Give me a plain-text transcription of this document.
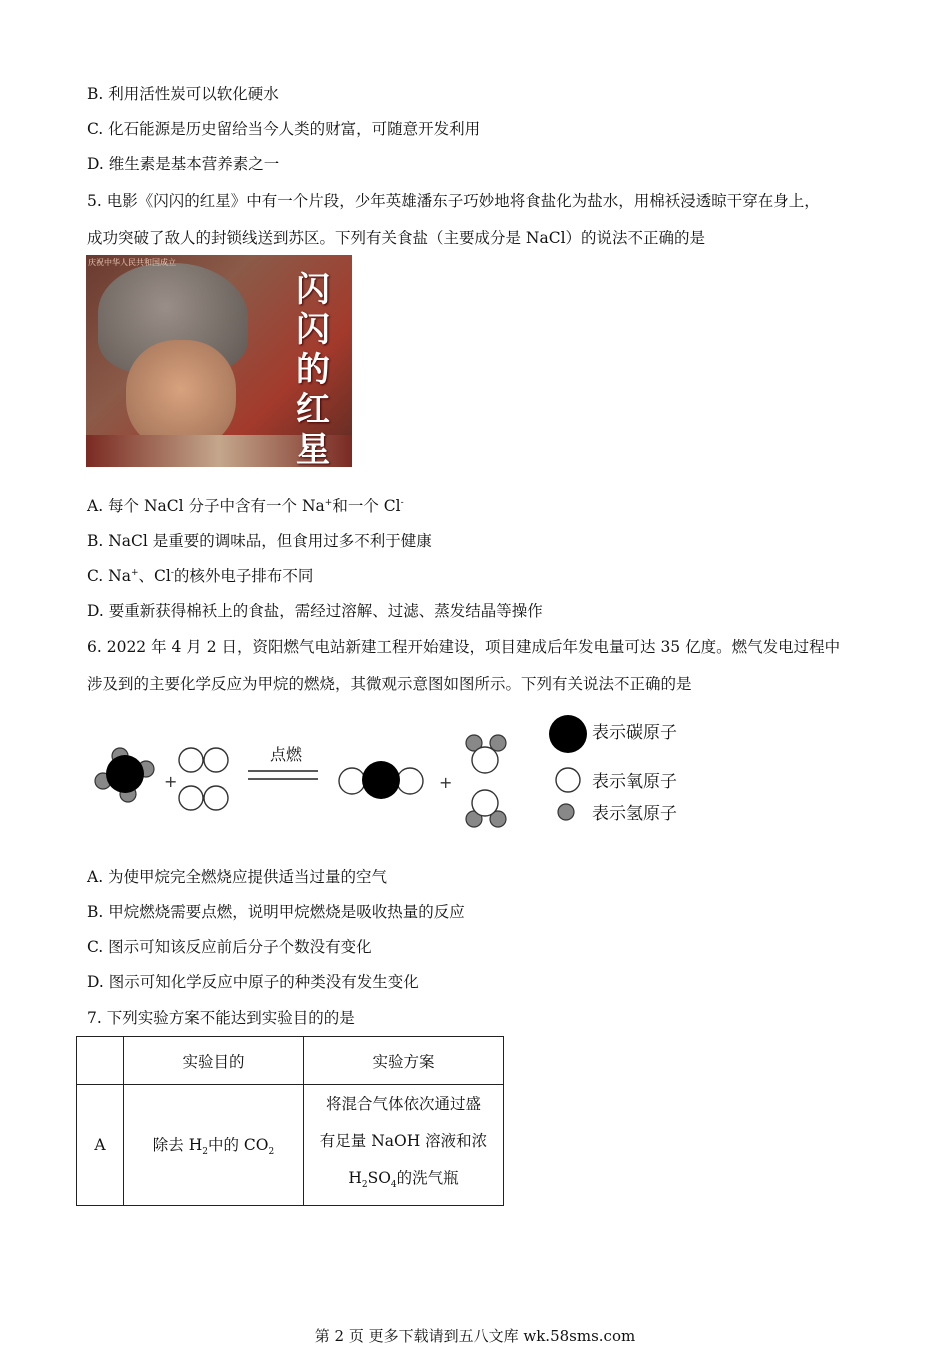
B. 利用活性炭可以软化硬水
C. 化石能源是历史留给当今人类的财富，可随意开发利用
D. 维生素是基本营养素之一
5. 电影《闪闪的红星》中有一个片段，少年英雄潘东子巧妙地将食盐化为盐水，用棉袄浸透晾干穿在身上，
成功突破了敌人的封锁线送到苏区。下列有关食盐（主要成分是 NaCl）的说法不正确的是
庆祝中华人民共和国成立
闪闪的红星
A. 每个 NaCl 分子中含有一个 Na+和一个 Cl-
B. NaCl 是重要的调味品，但食用过多不利于健康
C. Na+、Cl-的核外电子排布不同
D. 要重新获得棉袄上的食盐，需经过溶解、过滤、蒸发结晶等操作
6. 2022 年 4 月 2 日，资阳燃气电站新建工程开始建设，项目建成后年发电量可达 35 亿度。燃气发电过程中
涉及到的主要化学反应为甲烷的燃烧，其微观示意图如图所示。下列有关说法不正确的是
+
点燃
+
表示碳原子
表示氧原子
表示氢原子
A. 为使甲烷完全燃烧应提供适当过量的空气
B. 甲烷燃烧需要点燃，说明甲烷燃烧是吸收热量的反应
C. 图示可知该反应前后分子个数没有变化
D. 图示可知化学反应中原子的种类没有发生变化
7. 下列实验方案不能达到实验目的的是
	实验目的	实验方案
A	除去 $H_2$中的 $CO_2$	将混合气体依次通过盛
有足量 NaOH 溶液和浓
$H_2SO_4$的洗气瓶
第 2 页 更多下载请到五八文库 wk.58sms.com
